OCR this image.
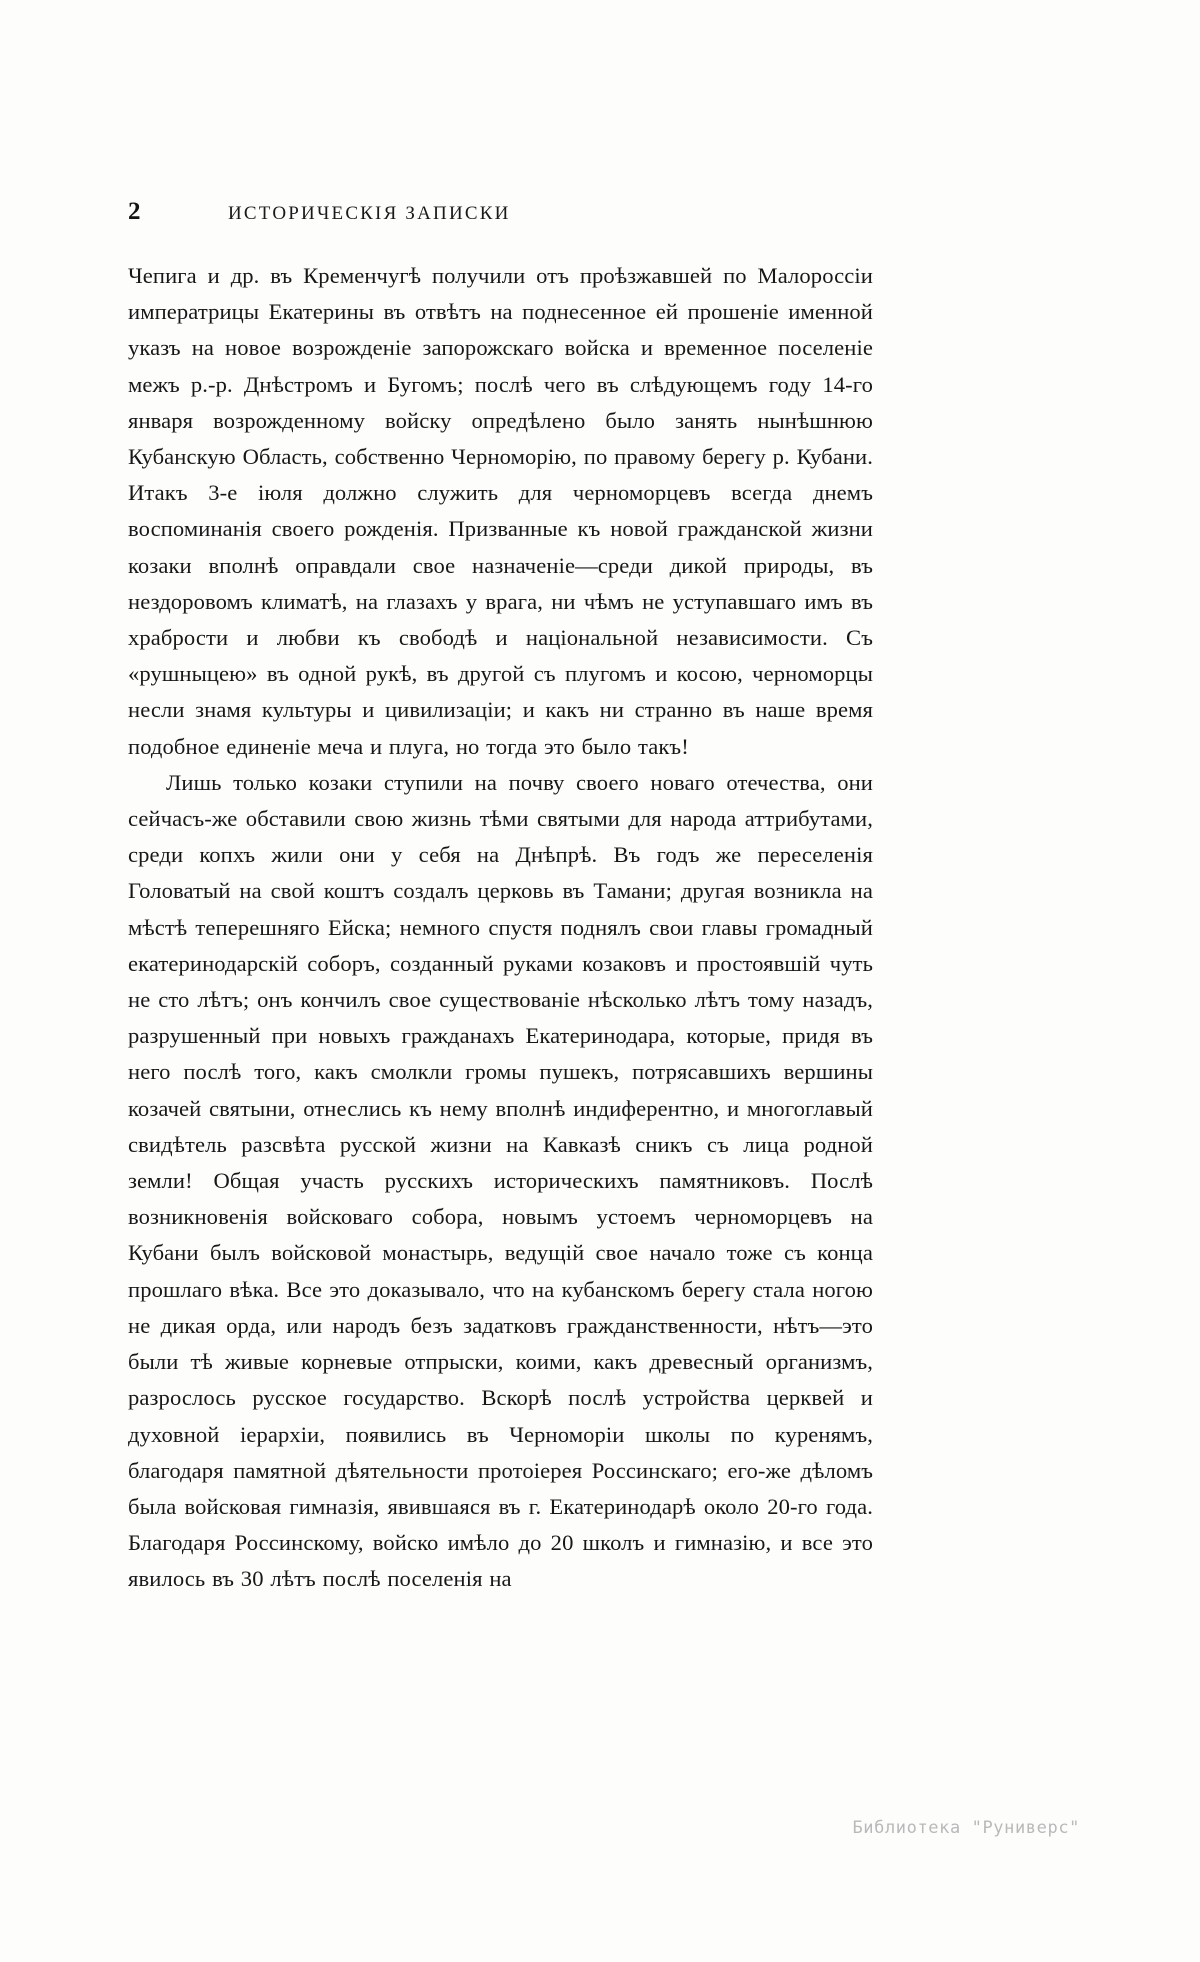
2	ИСТОРИЧЕСКІЯ ЗАПИСКИ

Чепига и др. въ Кременчугѣ получили отъ проѣзжавшей по Малороссіи императрицы Екатерины въ отвѣтъ на поднесенное ей прошеніе именной указъ на новое возрожденіе запорожскаго войска и временное поселеніе межъ р.-р. Днѣстромъ и Бугомъ; послѣ чего въ слѣдующемъ году 14-го января возрожденному войску опредѣлено было занять нынѣшнюю Кубанскую Область, собственно Черноморію, по правому берегу р. Кубани. Итакъ 3-е іюля должно служить для черноморцевъ всегда днемъ воспоминанія своего рожденія. Призванные къ новой гражданской жизни козаки вполнѣ оправдали свое назначеніе—среди дикой природы, въ нездоровомъ климатѣ, на глазахъ у врага, ни чѣмъ не уступавшаго имъ въ храбрости и любви къ свободѣ и національной независимости. Съ «рушныцею» въ одной рукѣ, въ другой съ плугомъ и косою, черноморцы несли знамя культуры и цивилизаціи; и какъ ни странно въ наше время подобное единеніе меча и плуга, но тогда это было такъ!

Лишь только козаки ступили на почву своего новаго отечества, они сейчасъ-же обставили свою жизнь тѣми святыми для народа аттрибутами, среди копхъ жили они у себя на Днѣпрѣ. Въ годъ же переселенія Головатый на свой коштъ создалъ церковь въ Тамани; другая возникла на мѣстѣ теперешняго Ейска; немного спустя поднялъ свои главы громадный екатеринодарскій соборъ, созданный руками козаковъ и простоявшій чуть не сто лѣтъ; онъ кончилъ свое существованіе нѣсколько лѣтъ тому назадъ, разрушенный при новыхъ гражданахъ Екатеринодара, которые, придя въ него послѣ того, какъ смолкли громы пушекъ, потрясавшихъ вершины козачей святыни, отнеслись къ нему вполнѣ индиферентно, и многоглавый свидѣтель разсвѣта русской жизни на Кавказѣ сникъ съ лица родной земли! Общая участь русскихъ историческихъ памятниковъ. Послѣ возникновенія войсковаго собора, новымъ устоемъ черноморцевъ на Кубани былъ войсковой монастырь, ведущій свое начало тоже съ конца прошлаго вѣка. Все это доказывало, что на кубанскомъ берегу стала ногою не дикая орда, или народъ безъ задатковъ гражданственности, нѣтъ—это были тѣ живые корневые отпрыски, коими, какъ древесный организмъ, разрослось русское государство. Вскорѣ послѣ устройства церквей и духовной іерархіи, появились въ Черноморіи школы по куренямъ, благодаря памятной дѣятельности протоіерея Россинскаго; его-же дѣломъ была войсковая гимназія, явившаяся въ г. Екатеринодарѣ около 20-го года. Благодаря Россинскому, войско имѣло до 20 школъ и гимназію, и все это явилось въ 30 лѣтъ послѣ поселенія на

Библиотека "Руниверс"
